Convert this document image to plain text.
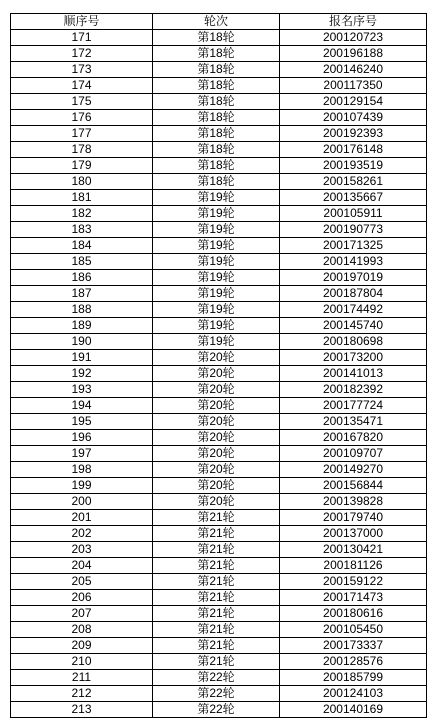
顺序号	轮次	报名序号
171	第18轮	200120723
172	第18轮	200196188
173	第18轮	200146240
174	第18轮	200117350
175	第18轮	200129154
176	第18轮	200107439
177	第18轮	200192393
178	第18轮	200176148
179	第18轮	200193519
180	第18轮	200158261
181	第19轮	200135667
182	第19轮	200105911
183	第19轮	200190773
184	第19轮	200171325
185	第19轮	200141993
186	第19轮	200197019
187	第19轮	200187804
188	第19轮	200174492
189	第19轮	200145740
190	第19轮	200180698
191	第20轮	200173200
192	第20轮	200141013
193	第20轮	200182392
194	第20轮	200177724
195	第20轮	200135471
196	第20轮	200167820
197	第20轮	200109707
198	第20轮	200149270
199	第20轮	200156844
200	第20轮	200139828
201	第21轮	200179740
202	第21轮	200137000
203	第21轮	200130421
204	第21轮	200181126
205	第21轮	200159122
206	第21轮	200171473
207	第21轮	200180616
208	第21轮	200105450
209	第21轮	200173337
210	第21轮	200128576
211	第22轮	200185799
212	第22轮	200124103
213	第22轮	200140169
